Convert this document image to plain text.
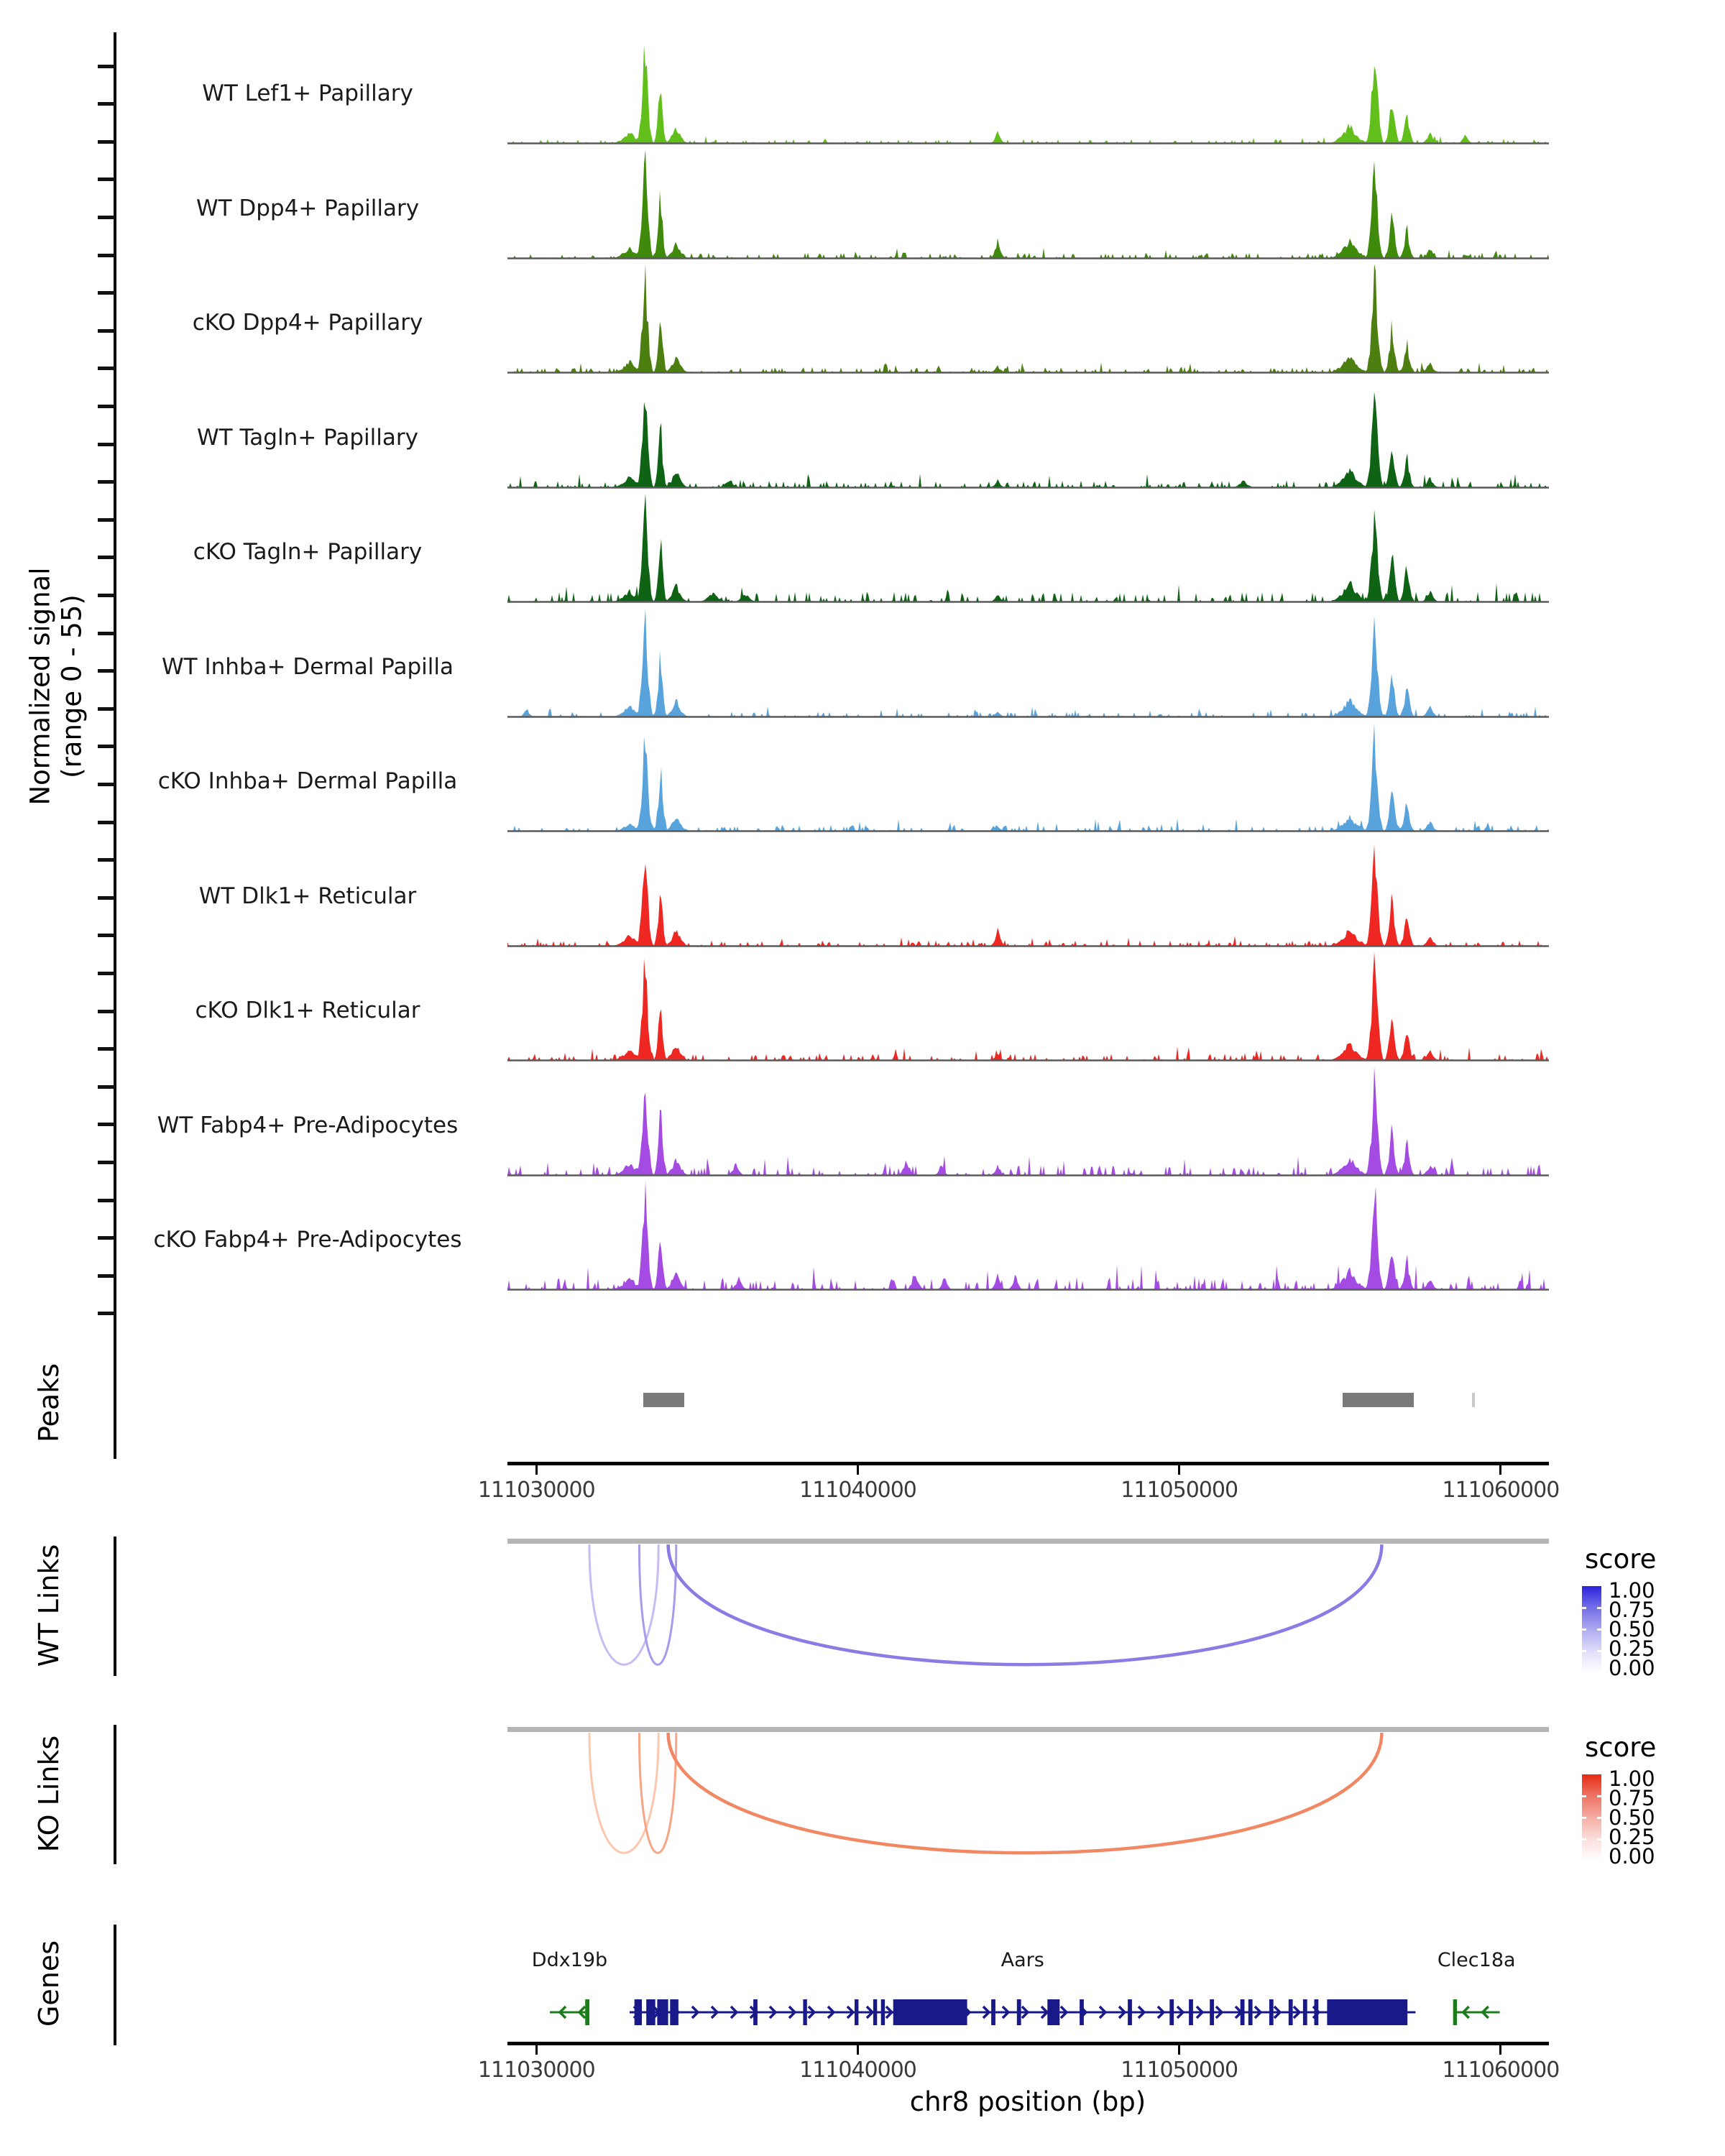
Normalized signal (range 0 - 55)
WT Lef1+ Papillary
WT Dpp4+ Papillary
cKO Dpp4+ Papillary
WT Tagln+ Papillary
cKO Tagln+ Papillary
WT Inhba+ Dermal Papilla
cKO Inhba+ Dermal Papilla
WT Dlk1+ Reticular
cKO Dlk1+ Reticular
WT Fabp4+ Pre-Adipocytes
cKO Fabp4+ Pre-Adipocytes
Peaks
111030000	111040000	111050000	111060000
WT Links	score
1.00
0.75
0.50
0.25
0.00
KO Links	score
1.00
0.75
0.50
0.25
0.00
Genes	Ddx19b	Aars	Clec18a
111030000	111040000	111050000	111060000
chr8 position (bp)
